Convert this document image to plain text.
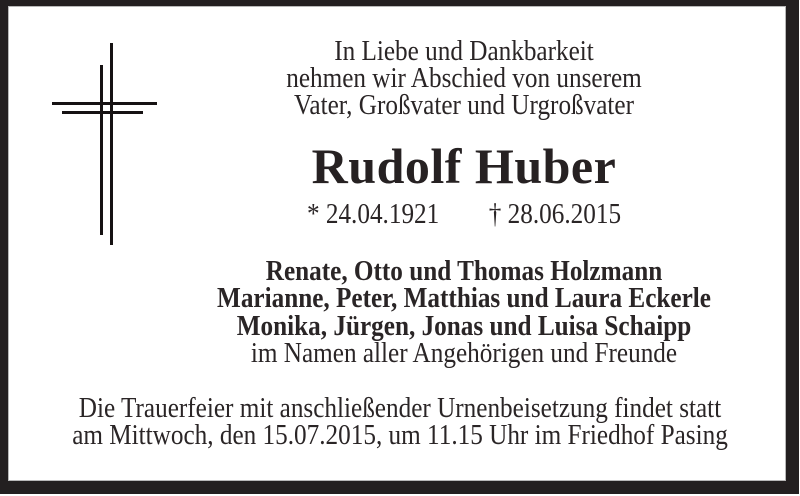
In Liebe und Dankbarkeit
nehmen wir Abschied von unserem
Vater, Großvater und Urgroßvater
Rudolf Huber
* 24.04.1921 † 28.06.2015
Renate, Otto und Thomas Holzmann
Marianne, Peter, Matthias und Laura Eckerle
Monika, Jürgen, Jonas und Luisa Schaipp
im Namen aller Angehörigen und Freunde
Die Trauerfeier mit anschließender Urnenbeisetzung findet statt
am Mittwoch, den 15.07.2015, um 11.15 Uhr im Friedhof Pasing
